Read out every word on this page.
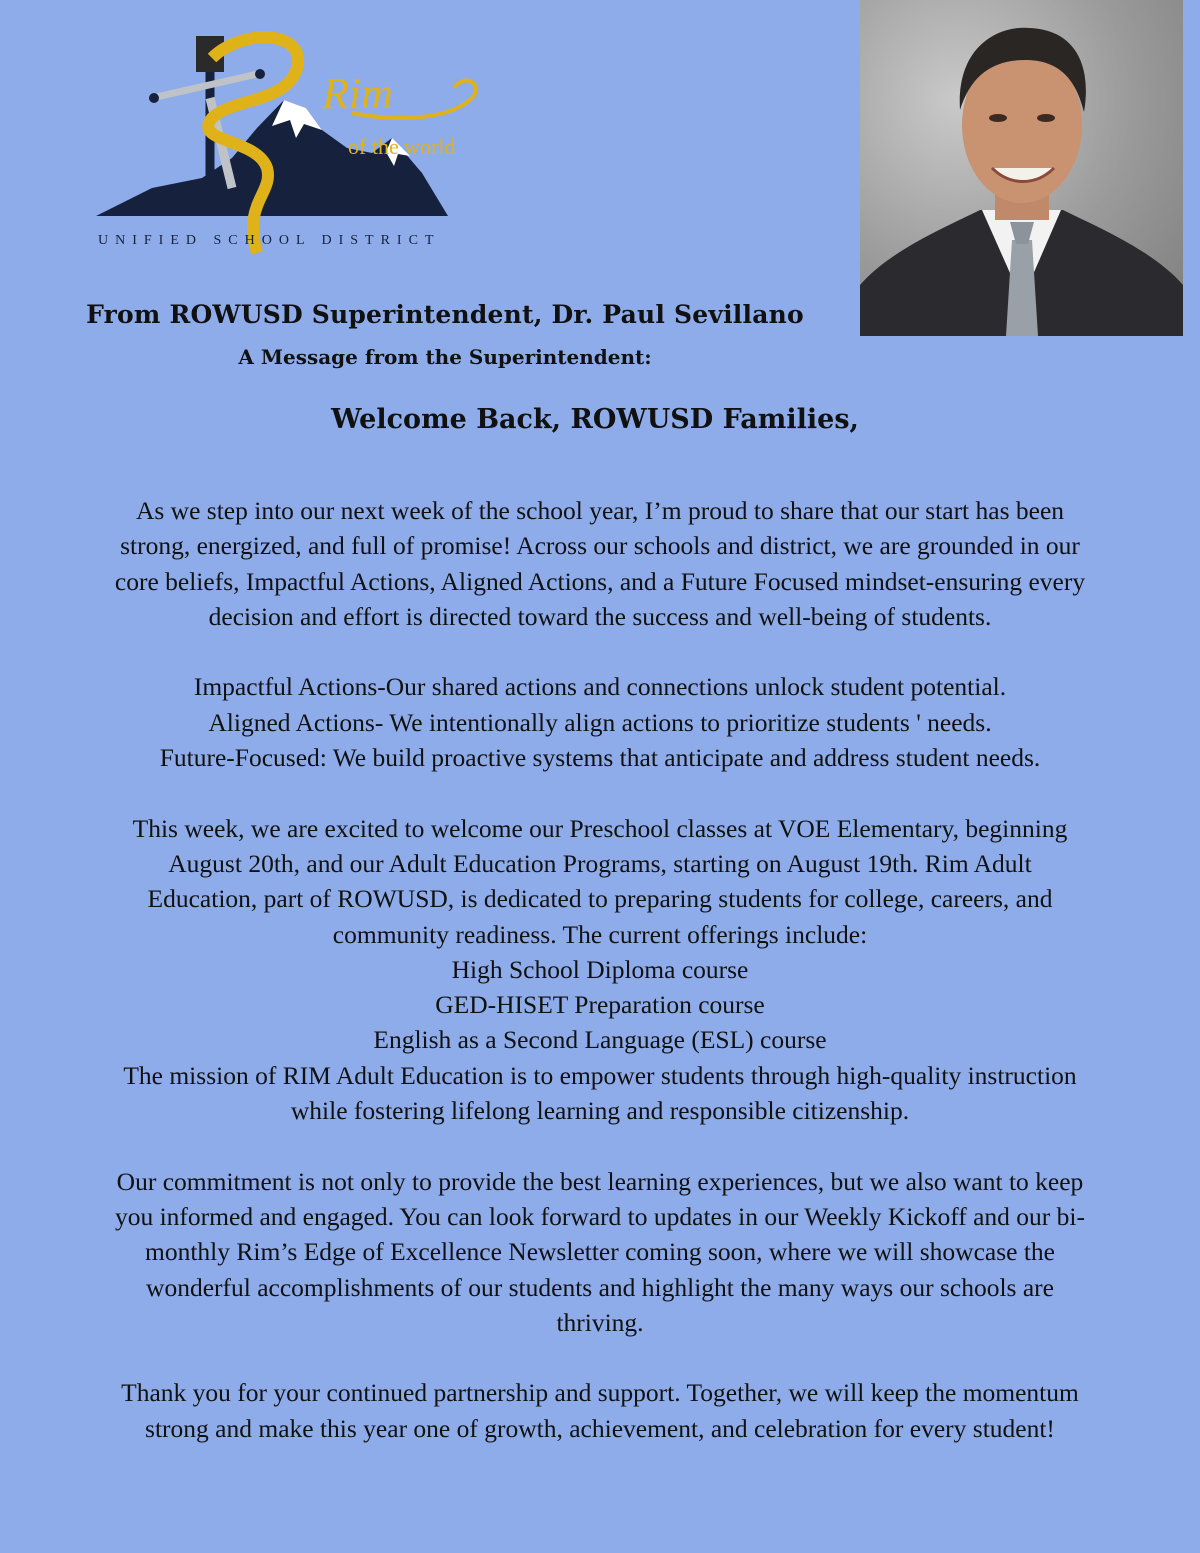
Rim
of the world
UNIFIED SCHOOL DISTRICT
From ROWUSD Superintendent, Dr. Paul Sevillano
A Message from the Superintendent:
Welcome Back, ROWUSD Families,

As we step into our next week of the school year, I’m proud to share that our start has been

strong, energized, and full of promise! Across our schools and district, we are grounded in our

core beliefs, Impactful Actions, Aligned Actions, and a Future Focused mindset-ensuring every

decision and effort is directed toward the success and well-being of students.

Impactful Actions-Our shared actions and connections unlock student potential.

Aligned Actions- We intentionally align actions to prioritize students ' needs.

Future-Focused: We build proactive systems that anticipate and address student needs.

This week, we are excited to welcome our Preschool classes at VOE Elementary, beginning

August 20th, and our Adult Education Programs, starting on August 19th. Rim Adult

Education, part of ROWUSD, is dedicated to preparing students for college, careers, and

community readiness. The current offerings include:

High School Diploma course

GED-HISET Preparation course

English as a Second Language (ESL) course

The mission of RIM Adult Education is to empower students through high-quality instruction

while fostering lifelong learning and responsible citizenship.

Our commitment is not only to provide the best learning experiences, but we also want to keep

you informed and engaged. You can look forward to updates in our Weekly Kickoff and our bi-

monthly Rim’s Edge of Excellence Newsletter coming soon, where we will showcase the

wonderful accomplishments of our students and highlight the many ways our schools are

thriving.

Thank you for your continued partnership and support. Together, we will keep the momentum

strong and make this year one of growth, achievement, and celebration for every student!
